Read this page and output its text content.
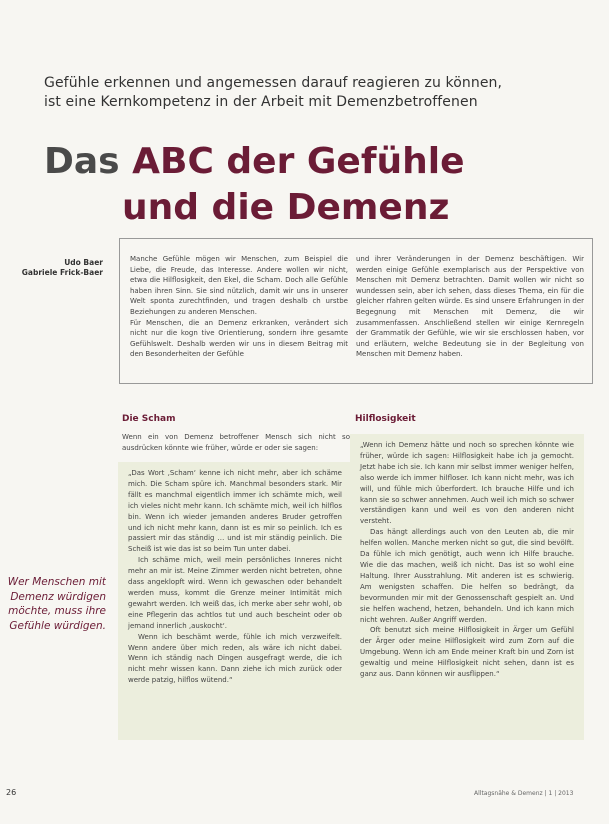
Gefühle erkennen und angemessen darauf reagieren zu können,
ist eine Kernkompetenz in der Arbeit mit Demenzbetroffenen
Das ABC der Gefühle
und die Demenz
Udo Baer
Gabriele Frick-Baer

Manche Gefühle mögen wir Menschen, zum Beispiel die Liebe, die Freude, das Interesse. Andere wollen wir nicht, etwa die Hilflosigkeit, den Ekel, die Scham. Doch alle Gefühle haben ihren Sinn. Sie sind nützlich, damit wir uns in unserer Welt sponta zurechtfinden, und tragen deshalb ch urstbe Beziehungen zu anderen Menschen.

Für Menschen, die an Demenz erkranken, verändert sich nicht nur die kogn tive Orientierung, sondern ihre gesamte Gefühlswelt. Deshalb werden wir uns in diesem Beitrag mit den Besonderheiten der Gefühle

und ihrer Veränderungen in der Demenz beschäftigen. Wir werden einige Gefühle exemplarisch aus der Perspektive von Menschen mit Demenz betrachten. Damit wollen wir nicht so wundessen sein, aber ich sehen, dass dieses Thema, ein für die gleicher rfahren gelten würde. Es sind unsere Erfahrungen in der Begegnung mit Menschen mit Demenz, die wir zusammenfassen. Anschließend stellen wir einige Kernregeln der Grammatik der Gefühle, wie wir sie erschlossen haben, vor und erläutern, welche Bedeutung sie in der Begleitung von Menschen mit Demenz haben.

Die Scham
Wenn ein von Demenz betroffener Mensch sich nicht so ausdrücken könnte wie früher, würde er oder sie sagen:

„Das Wort ‚Scham‘ kenne ich nicht mehr, aber ich schäme mich. Die Scham spüre ich. Manchmal besonders stark. Mir fällt es manchmal eigentlich immer ich schämte mich, weil ich vieles nicht mehr kann. Ich schämte mich, weil ich hilflos bin. Wenn ich wieder jemanden anderes Bruder getroffen und ich nicht mehr kann, dann ist es mir so peinlich. Ich es passiert mir das ständig … und ist mir ständig peinlich. Die Scheiß ist wie das ist so beim Tun unter dabei.

Ich schäme mich, weil mein persönliches Inneres nicht mehr an mir ist. Meine Zimmer werden nicht betreten, ohne dass angeklopft wird. Wenn ich gewaschen oder behandelt werden muss, kommt die Grenze meiner Intimität mich gewahrt werden. Ich weiß das, ich merke aber sehr wohl, ob eine Pflegerin das achtlos tut und auch bescheint oder ob jemand innerlich ‚auskocht‘.

Wenn ich beschämt werde, fühle ich mich verzweifelt. Wenn andere über mich reden, als wäre ich nicht dabei. Wenn ich ständig nach Dingen ausgefragt werde, die ich nicht mehr wissen kann. Dann ziehe ich mich zurück oder werde patzig, hilflos wütend.“

Hilflosigkeit

„Wenn ich Demenz hätte und noch so sprechen könnte wie früher, würde ich sagen: Hilflosigkeit habe ich ja gemocht. Jetzt habe ich sie. Ich kann mir selbst immer weniger helfen, also werde ich immer hilfloser. Ich kann nicht mehr, was ich will, und fühle mich überfordert. Ich brauche Hilfe und ich kann sie so schwer annehmen. Auch weil ich mich so schwer verständigen kann und weil es von den anderen nicht versteht.

Das hängt allerdings auch von den Leuten ab, die mir helfen wollen. Manche merken nicht so gut, die sind bevölft. Da fühle ich mich genötigt, auch wenn ich Hilfe brauche. Wie die das machen, weiß ich nicht. Das ist so wohl eine Haltung. Ihrer Ausstrahlung. Mit anderen ist es schwierig. Am wenigsten schaffen. Die helfen so bedrängt, da bevormunden mir mit der Genossenschaft gespielt an. Und sie helfen wachend, hetzen, behandeln. Und ich kann mich nicht wehren. Außer Angriff werden.

Oft benutzt sich meine Hilflosigkeit in Ärger um Gefühl der Ärger oder meine Hilflosigkeit wird zum Zorn auf die Umgebung. Wenn ich am Ende meiner Kraft bin und Zorn ist gewaltig und meine Hilflosigkeit nicht sehen, dann ist es ganz aus. Dann können wir ausflippen.“

Wer Menschen mit
Demenz würdigen
möchte, muss ihre
Gefühle würdigen.
26	Alltagsnähe & Demenz | 1 | 2013
